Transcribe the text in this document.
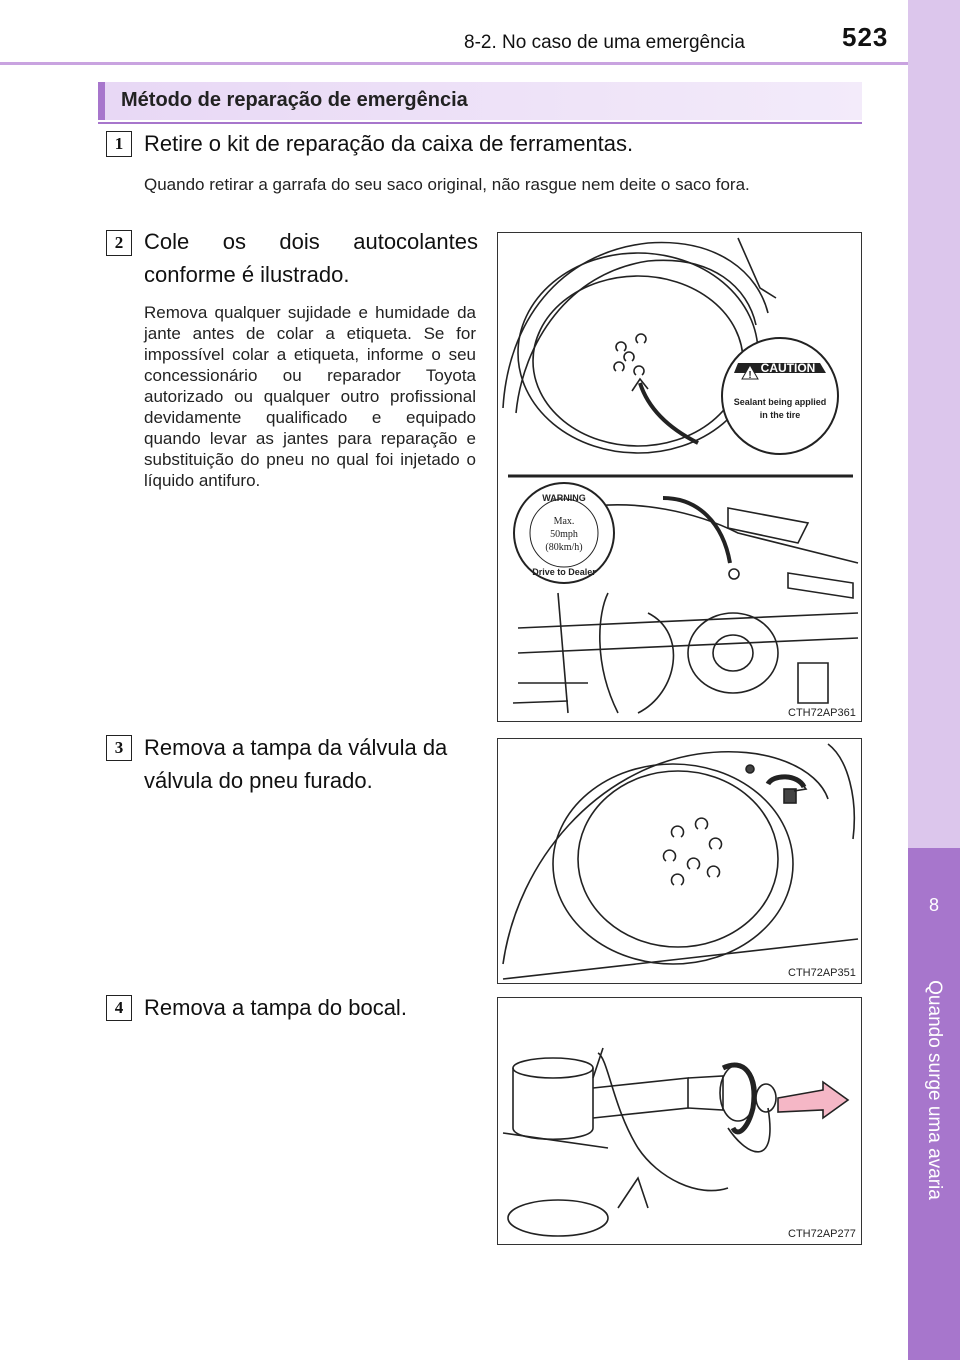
8-2. No caso de uma emergência	523
8
Quando surge uma avaria
Método de reparação de emergência
1 Retire o kit de reparação da caixa de ferramentas.
Quando retirar a garrafa do seu saco original, não rasgue nem deite o saco fora.
2 Cole os dois autocolantes conforme é ilustrado.
Remova qualquer sujidade e humidade da jante antes de colar a etiqueta. Se for impossível colar a etiqueta, informe o seu concessionário ou reparador Toyota autorizado ou qualquer outro profissional devidamente qualificado e equipado quando levar as jantes para reparação e substituição do pneu no qual foi injetado o líquido antifuro.
!
CAUTION
Sealant being applied
in the tire
WARNING
Max.
50mph
(80km/h)
Drive to Dealer
CTH72AP361
3 Remova a tampa da válvula da válvula do pneu furado.
CTH72AP351
4 Remova a tampa do bocal.
CTH72AP277
